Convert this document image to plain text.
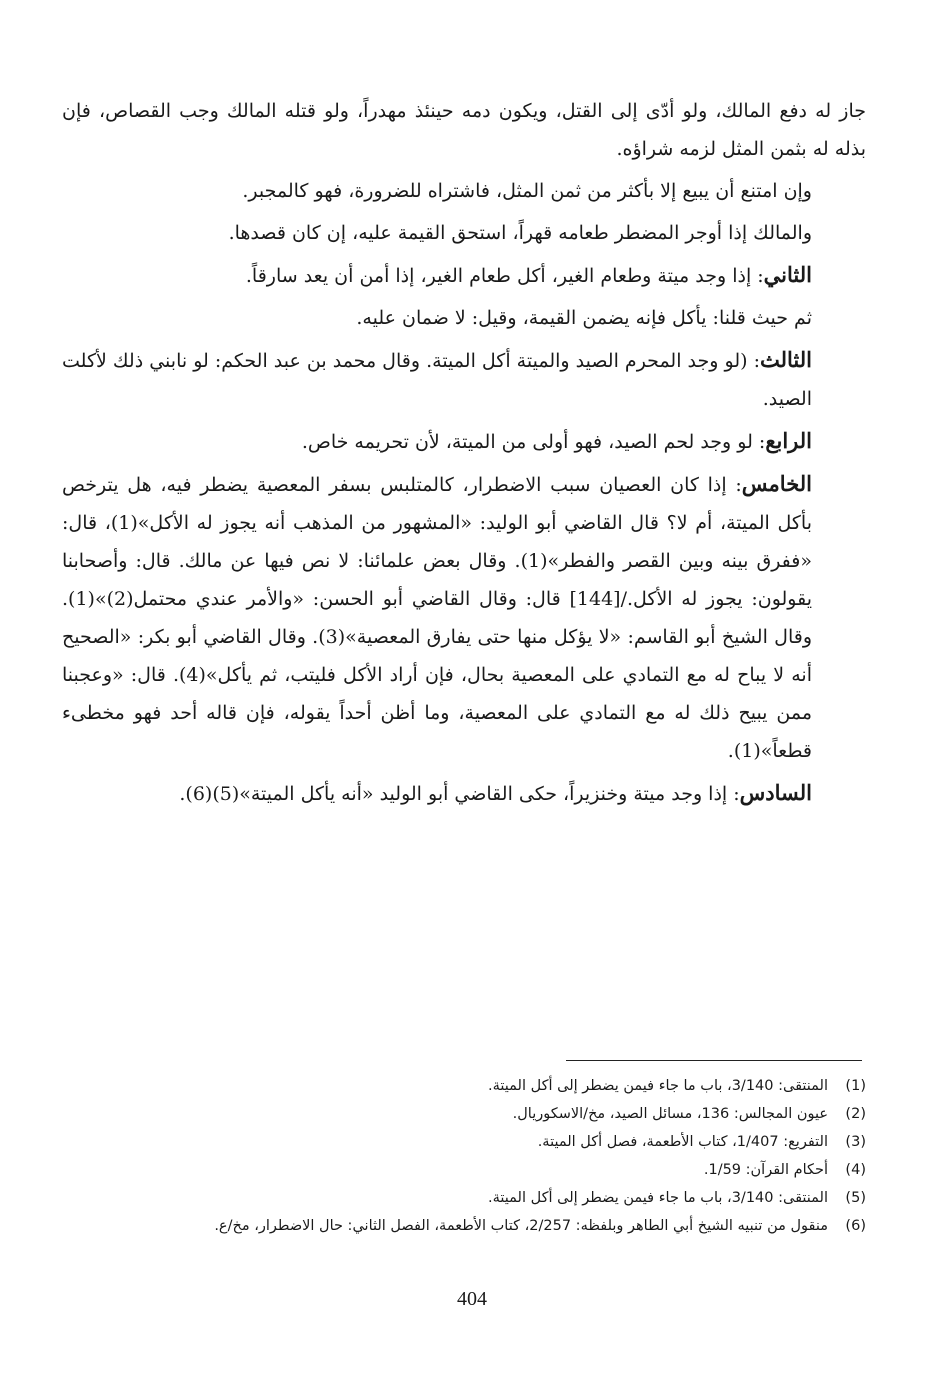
جاز له دفع المالك، ولو أدّى إلى القتل، ويكون دمه حينئذ مهدراً، ولو قتله المالك وجب القصاص، فإن بذله له بثمن المثل لزمه شراؤه.

وإن امتنع أن يبيع إلا بأكثر من ثمن المثل، فاشتراه للضرورة، فهو كالمجبر.

والمالك إذا أوجر المضطر طعامه قهراً، استحق القيمة عليه، إن كان قصدها.

الثاني: إذا وجد ميتة وطعام الغير، أكل طعام الغير، إذا أمن أن يعد سارقاً.

ثم حيث قلنا: يأكل فإنه يضمن القيمة، وقيل: لا ضمان عليه.

الثالث: (لو وجد المحرم الصيد والميتة أكل الميتة. وقال محمد بن عبد الحكم: لو نابني ذلك لأكلت الصيد.

الرابع: لو وجد لحم الصيد، فهو أولى من الميتة، لأن تحريمه خاص.

الخامس: إذا كان العصيان سبب الاضطرار، كالمتلبس بسفر المعصية يضطر فيه، هل يترخص بأكل الميتة، أم لا؟ قال القاضي أبو الوليد: «المشهور من المذهب أنه يجوز له الأكل»(1)، قال: «ففرق بينه وبين القصر والفطر»(1). وقال بعض علمائنا: لا نص فيها عن مالك. قال: وأصحابنا يقولون: يجوز له الأكل./[144] قال: وقال القاضي أبو الحسن: «والأمر عندي محتمل(2)»(1). وقال الشيخ أبو القاسم: «لا يؤكل منها حتى يفارق المعصية»(3). وقال القاضي أبو بكر: «الصحيح أنه لا يباح له مع التمادي على المعصية بحال، فإن أراد الأكل فليتب، ثم يأكل»(4). قال: «وعجبنا ممن يبيح ذلك له مع التمادي على المعصية، وما أظن أحداً يقوله، فإن قاله أحد فهو مخطىء قطعاً»(1).

السادس: إذا وجد ميتة وخنزيراً، حكى القاضي أبو الوليد «أنه يأكل الميتة»(5)(6).

(1)
المنتقى: 3/140، باب ما جاء فيمن يضطر إلى أكل الميتة.
(2)
عيون المجالس: 136، مسائل الصيد، مخ/الاسكوريال.
(3)
التفريع: 1/407، كتاب الأطعمة، فصل أكل الميتة.
(4)
أحكام القرآن: 1/59.
(5)
المنتقى: 3/140، باب ما جاء فيمن يضطر إلى أكل الميتة.
(6)
منقول من تنبيه الشيخ أبي الطاهر وبلفظه: 2/257، كتاب الأطعمة، الفصل الثاني: حال الاضطرار، مخ/ع.
404
